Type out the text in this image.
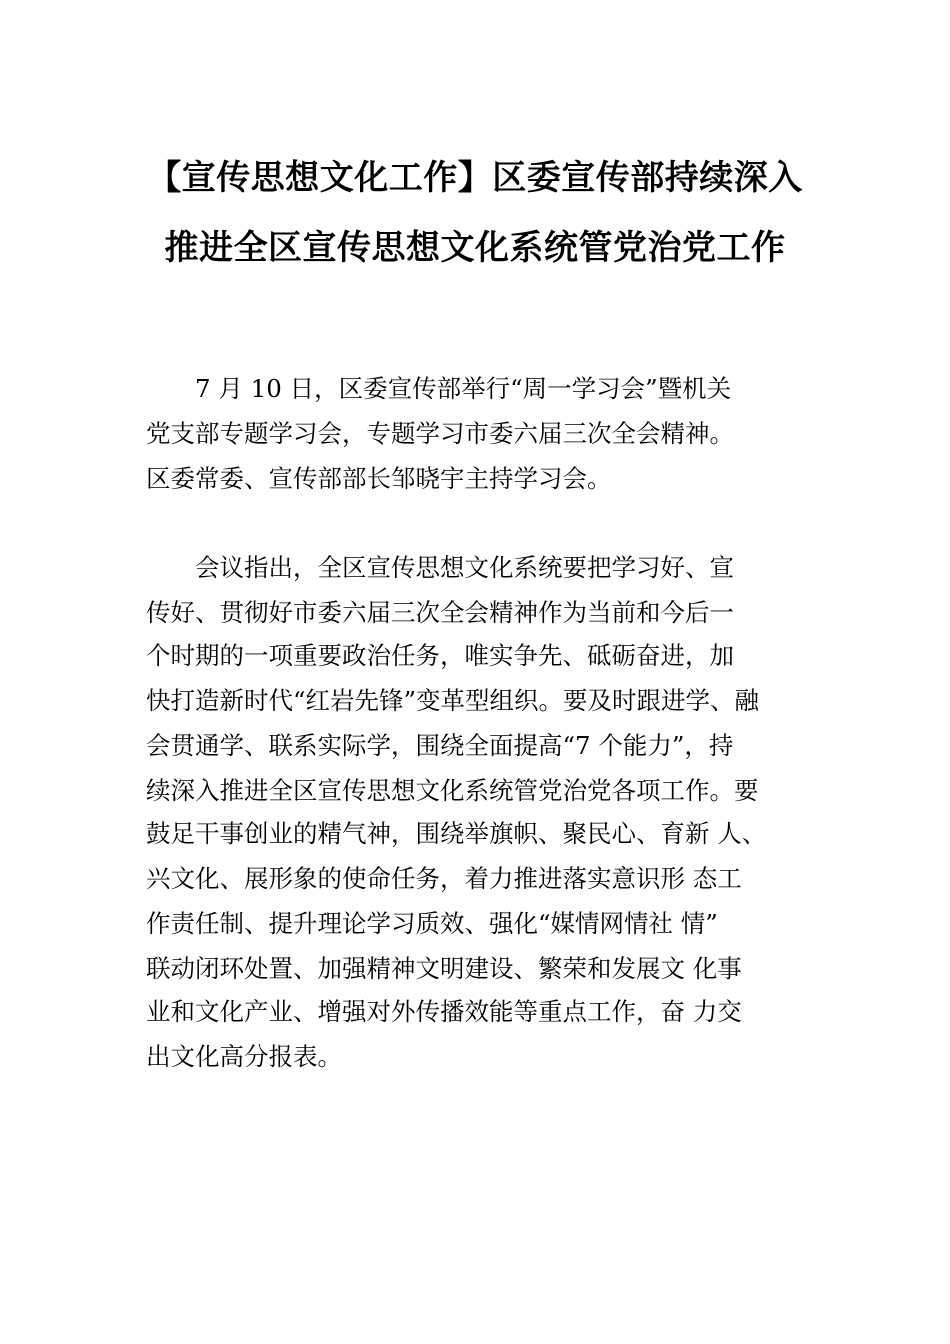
【宣传思想文化工作】区委宣传部持续深入
推进全区宣传思想文化系统管党治党工作
　　7 月 10 日，区委宣传部举行“周一学习会”暨机关
党支部专题学习会，专题学习市委六届三次全会精神。
区委常委、宣传部部长邹晓宇主持学习会。
　　会议指出，全区宣传思想文化系统要把学习好、宣
传好、贯彻好市委六届三次全会精神作为当前和今后一
个时期的一项重要政治任务，唯实争先、砥砺奋进，加
快打造新时代“红岩先锋”变革型组织。要及时跟进学、融
会贯通学、联系实际学，围绕全面提高“7 个能力”，持
续深入推进全区宣传思想文化系统管党治党各项工作。要
鼓足干事创业的精气神，围绕举旗帜、聚民心、育新 人、
兴文化、展形象的使命任务，着力推进落实意识形 态工
作责任制、提升理论学习质效、强化“媒情网情社 情”
联动闭环处置、加强精神文明建设、繁荣和发展文 化事
业和文化产业、增强对外传播效能等重点工作，奋 力交
出文化高分报表。
